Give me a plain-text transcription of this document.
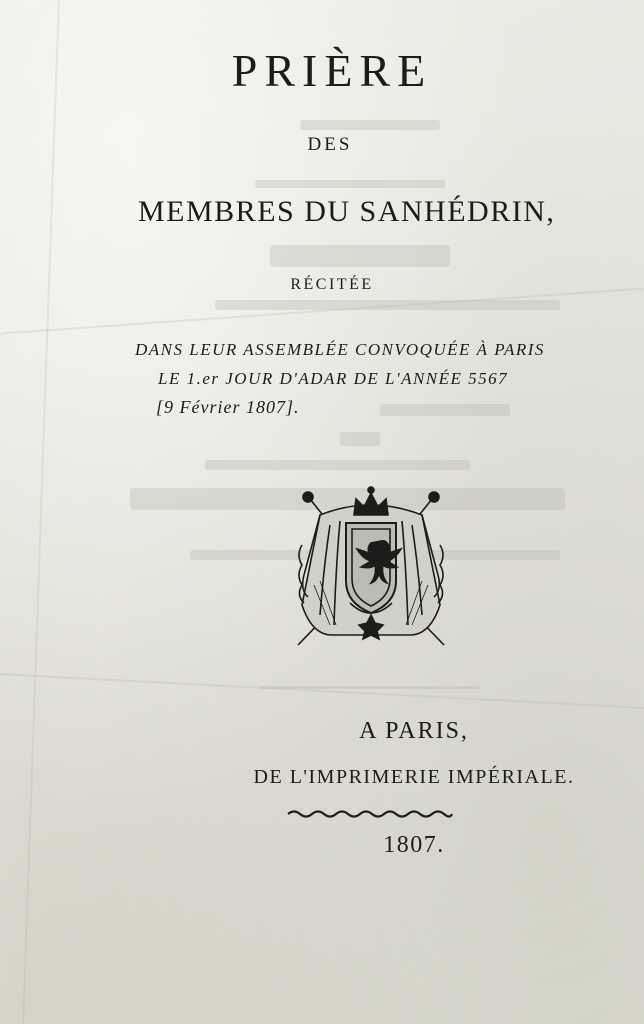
PRIÈRE
DES
MEMBRES DU SANHÉDRIN,
RÉCITÉE
DANS LEUR ASSEMBLÉE CONVOQUÉE À PARIS
LE 1.er JOUR D'ADAR DE L'ANNÉE 5567
[9 Février 1807].
A PARIS,
DE L'IMPRIMERIE IMPÉRIALE.
1807.
